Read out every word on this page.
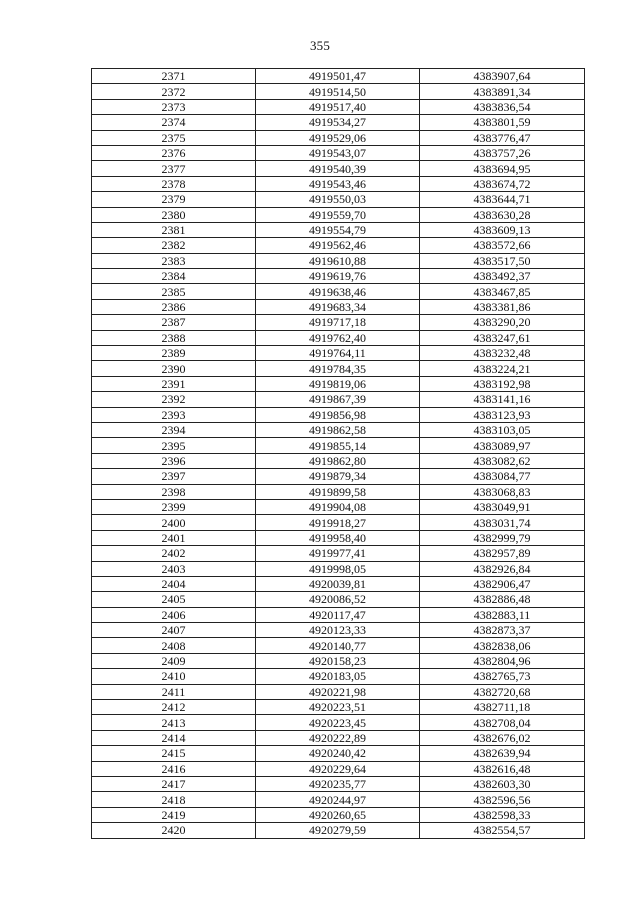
355
2371	4919501,47	4383907,64
2372	4919514,50	4383891,34
2373	4919517,40	4383836,54
2374	4919534,27	4383801,59
2375	4919529,06	4383776,47
2376	4919543,07	4383757,26
2377	4919540,39	4383694,95
2378	4919543,46	4383674,72
2379	4919550,03	4383644,71
2380	4919559,70	4383630,28
2381	4919554,79	4383609,13
2382	4919562,46	4383572,66
2383	4919610,88	4383517,50
2384	4919619,76	4383492,37
2385	4919638,46	4383467,85
2386	4919683,34	4383381,86
2387	4919717,18	4383290,20
2388	4919762,40	4383247,61
2389	4919764,11	4383232,48
2390	4919784,35	4383224,21
2391	4919819,06	4383192,98
2392	4919867,39	4383141,16
2393	4919856,98	4383123,93
2394	4919862,58	4383103,05
2395	4919855,14	4383089,97
2396	4919862,80	4383082,62
2397	4919879,34	4383084,77
2398	4919899,58	4383068,83
2399	4919904,08	4383049,91
2400	4919918,27	4383031,74
2401	4919958,40	4382999,79
2402	4919977,41	4382957,89
2403	4919998,05	4382926,84
2404	4920039,81	4382906,47
2405	4920086,52	4382886,48
2406	4920117,47	4382883,11
2407	4920123,33	4382873,37
2408	4920140,77	4382838,06
2409	4920158,23	4382804,96
2410	4920183,05	4382765,73
2411	4920221,98	4382720,68
2412	4920223,51	4382711,18
2413	4920223,45	4382708,04
2414	4920222,89	4382676,02
2415	4920240,42	4382639,94
2416	4920229,64	4382616,48
2417	4920235,77	4382603,30
2418	4920244,97	4382596,56
2419	4920260,65	4382598,33
2420	4920279,59	4382554,57
